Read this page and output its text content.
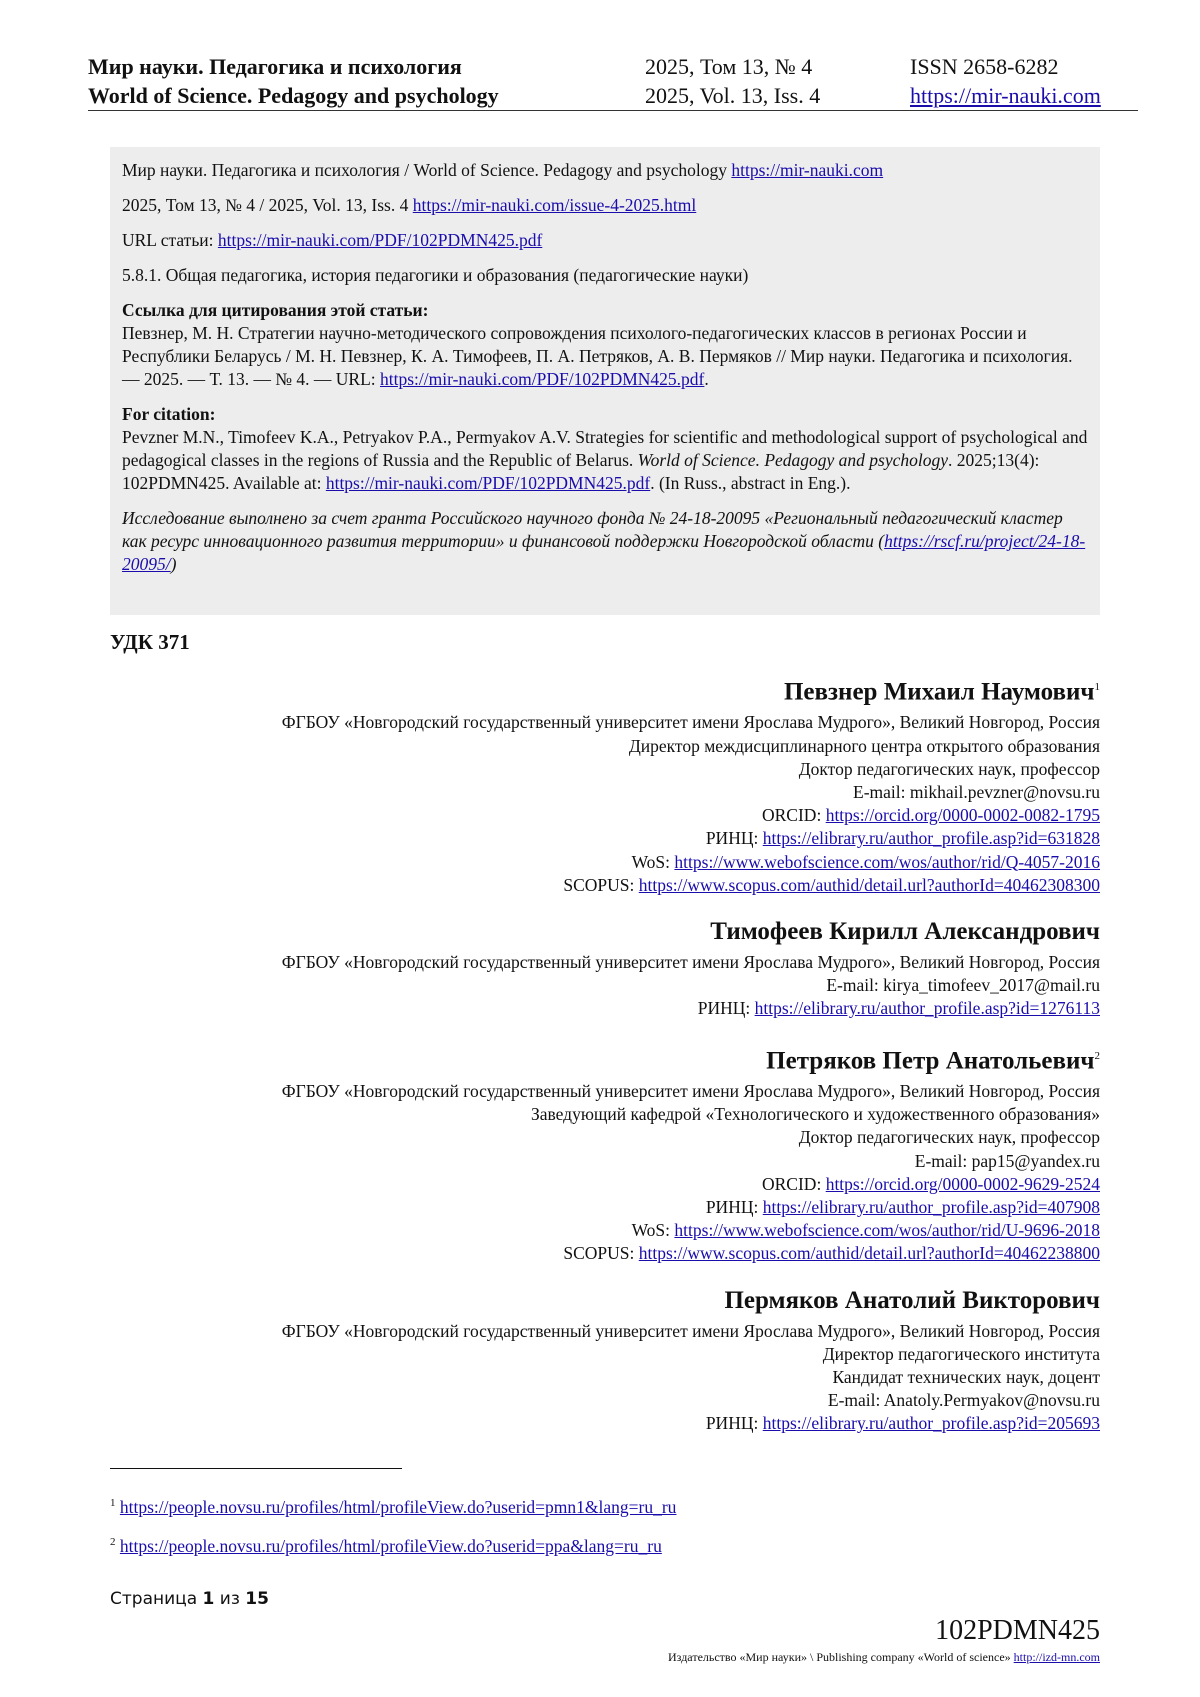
Мир науки. Педагогика и психология
World of Science. Pedagogy and psychology
2025, Том 13, № 4
2025, Vol. 13, Iss. 4
ISSN 2658-6282
https://mir-nauki.com

Мир науки. Педагогика и психология / World of Science. Pedagogy and psychology https://mir-nauki.com

2025, Том 13, № 4 / 2025, Vol. 13, Iss. 4 https://mir-nauki.com/issue-4-2025.html

URL статьи: https://mir-nauki.com/PDF/102PDMN425.pdf

5.8.1. Общая педагогика, история педагогики и образования (педагогические науки)

Ссылка для цитирования этой статьи:
Певзнер, М. Н. Стратегии научно-методического сопровождения психолого-педагогических классов в регионах России и Республики Беларусь / М. Н. Певзнер, К. А. Тимофеев, П. А. Петряков, А. В. Пермяков // Мир науки. Педагогика и психология. — 2025. — Т. 13. — № 4. — URL: https://mir-nauki.com/PDF/102PDMN425.pdf.

For citation:
Pevzner M.N., Timofeev K.A., Petryakov P.A., Permyakov A.V. Strategies for scientific and methodological support of psychological and pedagogical classes in the regions of Russia and the Republic of Belarus. World of Science. Pedagogy and psychology. 2025;13(4): 102PDMN425. Available at: https://mir-nauki.com/PDF/102PDMN425.pdf. (In Russ., abstract in Eng.).

Исследование выполнено за счет гранта Российского научного фонда № 24-18-20095 «Региональный педагогический кластер как ресурс инновационного развития территории» и финансовой поддержки Новгородской области (https://rscf.ru/project/24-18-20095/)

УДК 371
Певзнер Михаил Наумович$^1$
ФГБОУ «Новгородский государственный университет имени Ярослава Мудрого», Великий Новгород, Россия
Директор междисциплинарного центра открытого образования
Доктор педагогических наук, профессор
E-mail: mikhail.pevzner@novsu.ru
ORCID: https://orcid.org/0000-0002-0082-1795
РИНЦ: https://elibrary.ru/author_profile.asp?id=631828
WoS: https://www.webofscience.com/wos/author/rid/Q-4057-2016
SCOPUS: https://www.scopus.com/authid/detail.url?authorId=40462308300
Тимофеев Кирилл Александрович
ФГБОУ «Новгородский государственный университет имени Ярослава Мудрого», Великий Новгород, Россия
E-mail: kirya_timofeev_2017@mail.ru
РИНЦ: https://elibrary.ru/author_profile.asp?id=1276113
Петряков Петр Анатольевич$^2$
ФГБОУ «Новгородский государственный университет имени Ярослава Мудрого», Великий Новгород, Россия
Заведующий кафедрой «Технологического и художественного образования»
Доктор педагогических наук, профессор
E-mail: pap15@yandex.ru
ORCID: https://orcid.org/0000-0002-9629-2524
РИНЦ: https://elibrary.ru/author_profile.asp?id=407908
WoS: https://www.webofscience.com/wos/author/rid/U-9696-2018
SCOPUS: https://www.scopus.com/authid/detail.url?authorId=40462238800
Пермяков Анатолий Викторович
ФГБОУ «Новгородский государственный университет имени Ярослава Мудрого», Великий Новгород, Россия
Директор педагогического института
Кандидат технических наук, доцент
E-mail: Anatoly.Permyakov@novsu.ru
РИНЦ: https://elibrary.ru/author_profile.asp?id=205693

$^1$ https://people.novsu.ru/profiles/html/profileView.do?userid=pmn1&lang=ru_ru

$^2$ https://people.novsu.ru/profiles/html/profileView.do?userid=ppa&lang=ru_ru

Страница 1 из 15
102PDMN425
Издательство «Мир науки» \ Publishing company «World of science» http://izd-mn.com
